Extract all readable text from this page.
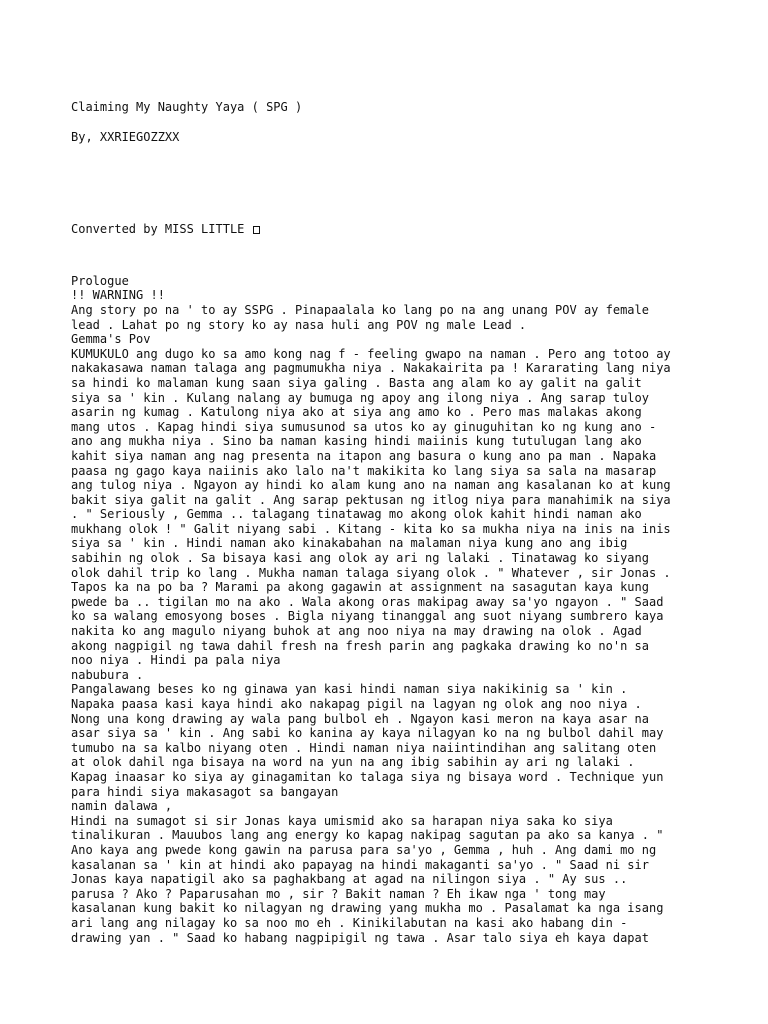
Claiming My Naughty Yaya ( SPG )
By, XXRIEGOZZXX
Converted by MISS LITTLE
Prologue
!! WARNING !!
Ang story po na ' to ay SSPG . Pinapaalala ko lang po na ang unang POV ay female
lead . Lahat po ng story ko ay nasa huli ang POV ng male Lead .
Gemma's Pov
KUMUKULO ang dugo ko sa amo kong nag f - feeling gwapo na naman . Pero ang totoo ay
nakakasawa naman talaga ang pagmumukha niya . Nakakairita pa ! Kararating lang niya
sa hindi ko malaman kung saan siya galing . Basta ang alam ko ay galit na galit
siya sa ' kin . Kulang nalang ay bumuga ng apoy ang ilong niya . Ang sarap tuloy
asarin ng kumag . Katulong niya ako at siya ang amo ko . Pero mas malakas akong
mang utos . Kapag hindi siya sumusunod sa utos ko ay ginuguhitan ko ng kung ano -
ano ang mukha niya . Sino ba naman kasing hindi maiinis kung tutulugan lang ako
kahit siya naman ang nag presenta na itapon ang basura o kung ano pa man . Napaka
paasa ng gago kaya naiinis ako lalo na't makikita ko lang siya sa sala na masarap
ang tulog niya . Ngayon ay hindi ko alam kung ano na naman ang kasalanan ko at kung
bakit siya galit na galit . Ang sarap pektusan ng itlog niya para manahimik na siya
. " Seriously , Gemma .. talagang tinatawag mo akong olok kahit hindi naman ako
mukhang olok ! " Galit niyang sabi . Kitang - kita ko sa mukha niya na inis na inis
siya sa ' kin . Hindi naman ako kinakabahan na malaman niya kung ano ang ibig
sabihin ng olok . Sa bisaya kasi ang olok ay ari ng lalaki . Tinatawag ko siyang
olok dahil trip ko lang . Mukha naman talaga siyang olok . " Whatever , sir Jonas .
Tapos ka na po ba ? Marami pa akong gagawin at assignment na sasagutan kaya kung
pwede ba .. tigilan mo na ako . Wala akong oras makipag away sa'yo ngayon . " Saad
ko sa walang emosyong boses . Bigla niyang tinanggal ang suot niyang sumbrero kaya
nakita ko ang magulo niyang buhok at ang noo niya na may drawing na olok . Agad
akong nagpigil ng tawa dahil fresh na fresh parin ang pagkaka drawing ko no'n sa
noo niya . Hindi pa pala niya
nabubura .
Pangalawang beses ko ng ginawa yan kasi hindi naman siya nakikinig sa ' kin .
Napaka paasa kasi kaya hindi ako nakapag pigil na lagyan ng olok ang noo niya .
Nong una kong drawing ay wala pang bulbol eh . Ngayon kasi meron na kaya asar na
asar siya sa ' kin . Ang sabi ko kanina ay kaya nilagyan ko na ng bulbol dahil may
tumubo na sa kalbo niyang oten . Hindi naman niya naiintindihan ang salitang oten
at olok dahil nga bisaya na word na yun na ang ibig sabihin ay ari ng lalaki .
Kapag inaasar ko siya ay ginagamitan ko talaga siya ng bisaya word . Technique yun
para hindi siya makasagot sa bangayan
namin dalawa ,
Hindi na sumagot si sir Jonas kaya umismid ako sa harapan niya saka ko siya
tinalikuran . Mauubos lang ang energy ko kapag nakipag sagutan pa ako sa kanya . "
Ano kaya ang pwede kong gawin na parusa para sa'yo , Gemma , huh . Ang dami mo ng
kasalanan sa ' kin at hindi ako papayag na hindi makaganti sa'yo . " Saad ni sir
Jonas kaya napatigil ako sa paghakbang at agad na nilingon siya . " Ay sus ..
parusa ? Ako ? Paparusahan mo , sir ? Bakit naman ? Eh ikaw nga ' tong may
kasalanan kung bakit ko nilagyan ng drawing yang mukha mo . Pasalamat ka nga isang
ari lang ang nilagay ko sa noo mo eh . Kinikilabutan na kasi ako habang din -
drawing yan . " Saad ko habang nagpipigil ng tawa . Asar talo siya eh kaya dapat
